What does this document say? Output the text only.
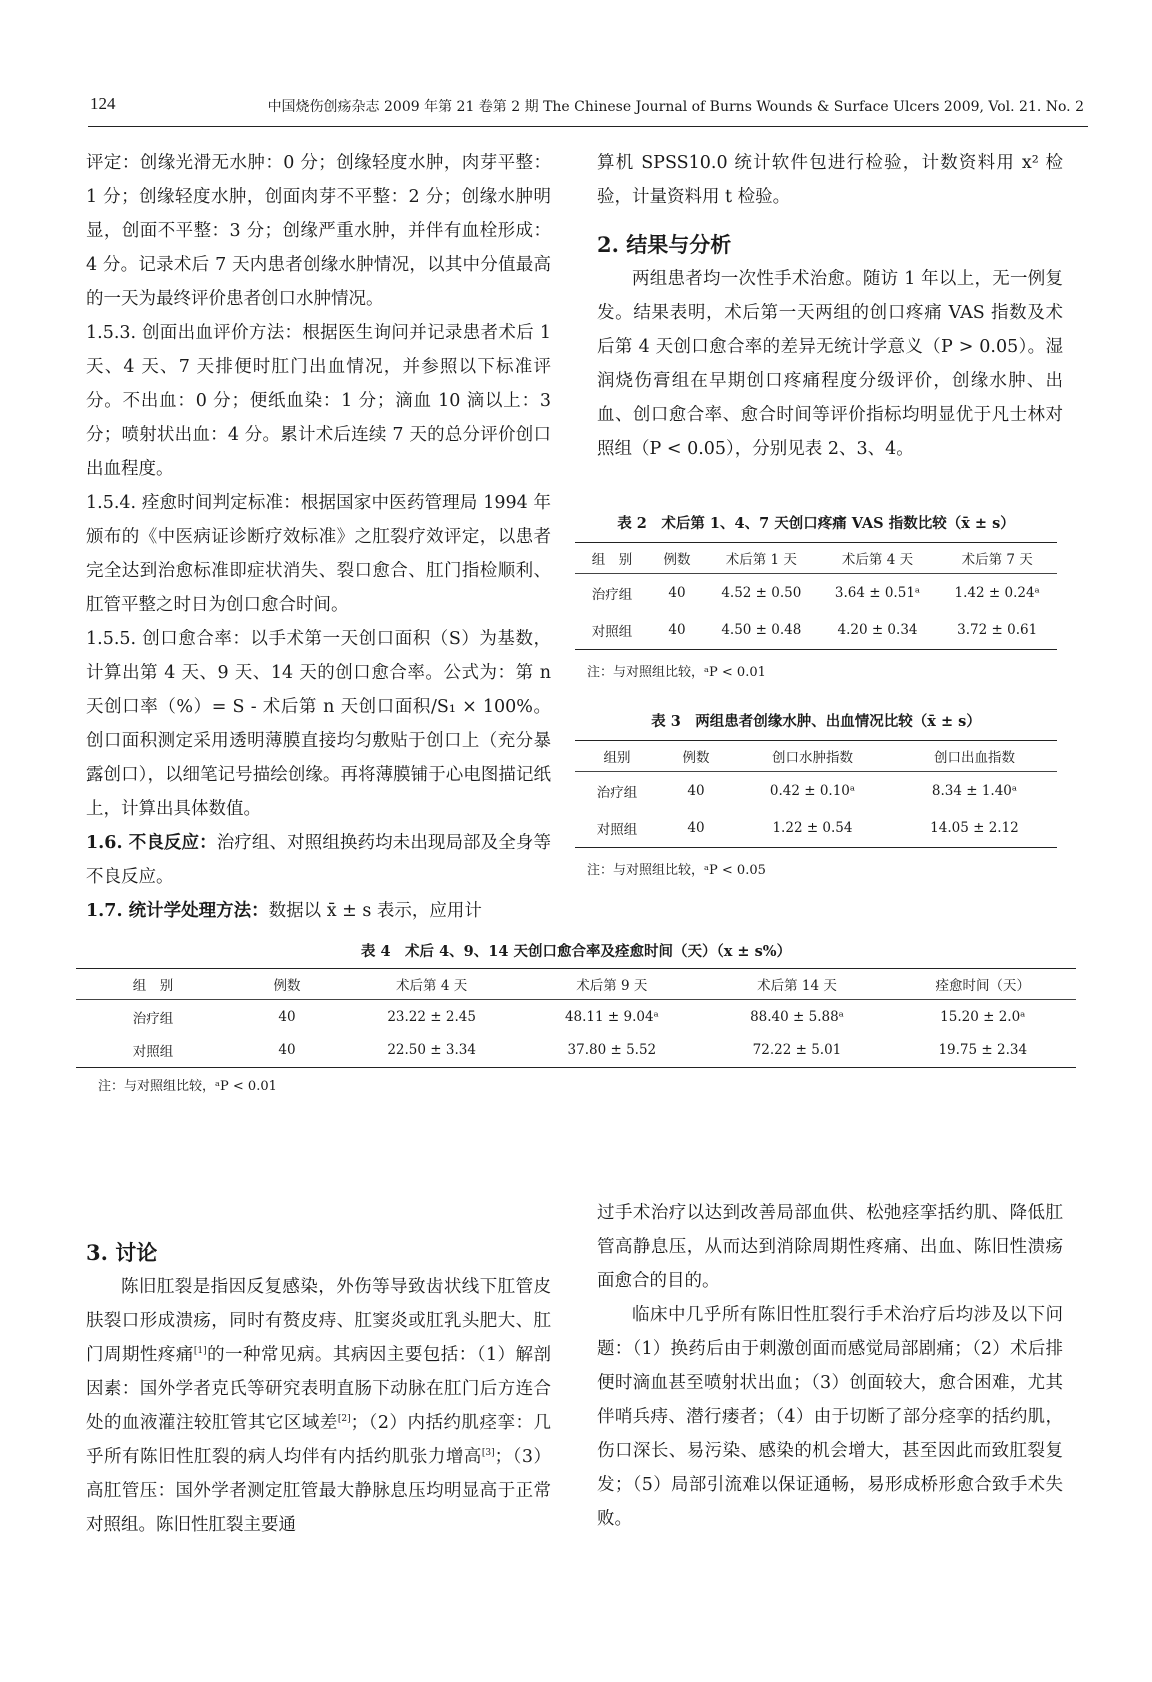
124	中国烧伤创疡杂志 2009 年第 21 卷第 2 期 The Chinese Journal of Burns Wounds & Surface Ulcers 2009, Vol. 21. No. 2

评定：创缘光滑无水肿：0 分；创缘轻度水肿，肉芽平整：1 分；创缘轻度水肿，创面肉芽不平整：2 分；创缘水肿明显，创面不平整：3 分；创缘严重水肿，并伴有血栓形成：4 分。记录术后 7 天内患者创缘水肿情况，以其中分值最高的一天为最终评价患者创口水肿情况。

1.5.3. 创面出血评价方法：根据医生询问并记录患者术后 1 天、4 天、7 天排便时肛门出血情况，并参照以下标准评分。不出血：0 分；便纸血染：1 分；滴血 10 滴以上：3 分；喷射状出血：4 分。累计术后连续 7 天的总分评价创口出血程度。

1.5.4. 痊愈时间判定标准：根据国家中医药管理局 1994 年颁布的《中医病证诊断疗效标准》之肛裂疗效评定，以患者完全达到治愈标准即症状消失、裂口愈合、肛门指检顺利、肛管平整之时日为创口愈合时间。

1.5.5. 创口愈合率：以手术第一天创口面积（S）为基数，计算出第 4 天、9 天、14 天的创口愈合率。公式为：第 n 天创口率（%）= S - 术后第 n 天创口面积/S₁ × 100%。创口面积测定采用透明薄膜直接均匀敷贴于创口上（充分暴露创口），以细笔记号描绘创缘。再将薄膜铺于心电图描记纸上，计算出具体数值。

1.6. 不良反应：治疗组、对照组换药均未出现局部及全身等不良反应。

1.7. 统计学处理方法：数据以 x̄ ± s 表示，应用计

算机 SPSS10.0 统计软件包进行检验，计数资料用 x² 检验，计量资料用 t 检验。

2. 结果与分析

两组患者均一次性手术治愈。随访 1 年以上，无一例复发。结果表明，术后第一天两组的创口疼痛 VAS 指数及术后第 4 天创口愈合率的差异无统计学意义（P > 0.05）。湿润烧伤膏组在早期创口疼痛程度分级评价，创缘水肿、出血、创口愈合率、愈合时间等评价指标均明显优于凡士林对照组（P < 0.05），分别见表 2、3、4。

表 2　术后第 1、4、7 天创口疼痛 VAS 指数比较（x̄ ± s）
组　别	例数	术后第 1 天	术后第 4 天	术后第 7 天
治疗组	40	4.52 ± 0.50	3.64 ± 0.51ᵃ	1.42 ± 0.24ᵃ
对照组	40	4.50 ± 0.48	4.20 ± 0.34	3.72 ± 0.61
注：与对照组比较，ᵃP < 0.01
表 3　两组患者创缘水肿、出血情况比较（x̄ ± s）
组别	例数	创口水肿指数	创口出血指数
治疗组	40	0.42 ± 0.10ᵃ	8.34 ± 1.40ᵃ
对照组	40	1.22 ± 0.54	14.05 ± 2.12
注：与对照组比较，ᵃP < 0.05
表 4　术后 4、9、14 天创口愈合率及痊愈时间（天）（x ± s%）
组　别	例数	术后第 4 天	术后第 9 天	术后第 14 天	痊愈时间（天）
治疗组	40	23.22 ± 2.45	48.11 ± 9.04ᵃ	88.40 ± 5.88ᵃ	15.20 ± 2.0ᵃ
对照组	40	22.50 ± 3.34	37.80 ± 5.52	72.22 ± 5.01	19.75 ± 2.34
注：与对照组比较，ᵃP < 0.01
3. 讨论

陈旧肛裂是指因反复感染，外伤等导致齿状线下肛管皮肤裂口形成溃疡，同时有赘皮痔、肛窦炎或肛乳头肥大、肛门周期性疼痛[1]的一种常见病。其病因主要包括：（1）解剖因素：国外学者克氏等研究表明直肠下动脉在肛门后方连合处的血液灌注较肛管其它区域差[2]；（2）内括约肌痉挛：几乎所有陈旧性肛裂的病人均伴有内括约肌张力增高[3]；（3）高肛管压：国外学者测定肛管最大静脉息压均明显高于正常对照组。陈旧性肛裂主要通

过手术治疗以达到改善局部血供、松弛痉挛括约肌、降低肛管高静息压，从而达到消除周期性疼痛、出血、陈旧性溃疡面愈合的目的。

临床中几乎所有陈旧性肛裂行手术治疗后均涉及以下问题：（1）换药后由于刺激创面而感觉局部剧痛；（2）术后排便时滴血甚至喷射状出血；（3）创面较大，愈合困难，尤其伴哨兵痔、潜行瘘者；（4）由于切断了部分痉挛的括约肌，伤口深长、易污染、感染的机会增大，甚至因此而致肛裂复发；（5）局部引流难以保证通畅，易形成桥形愈合致手术失败。
